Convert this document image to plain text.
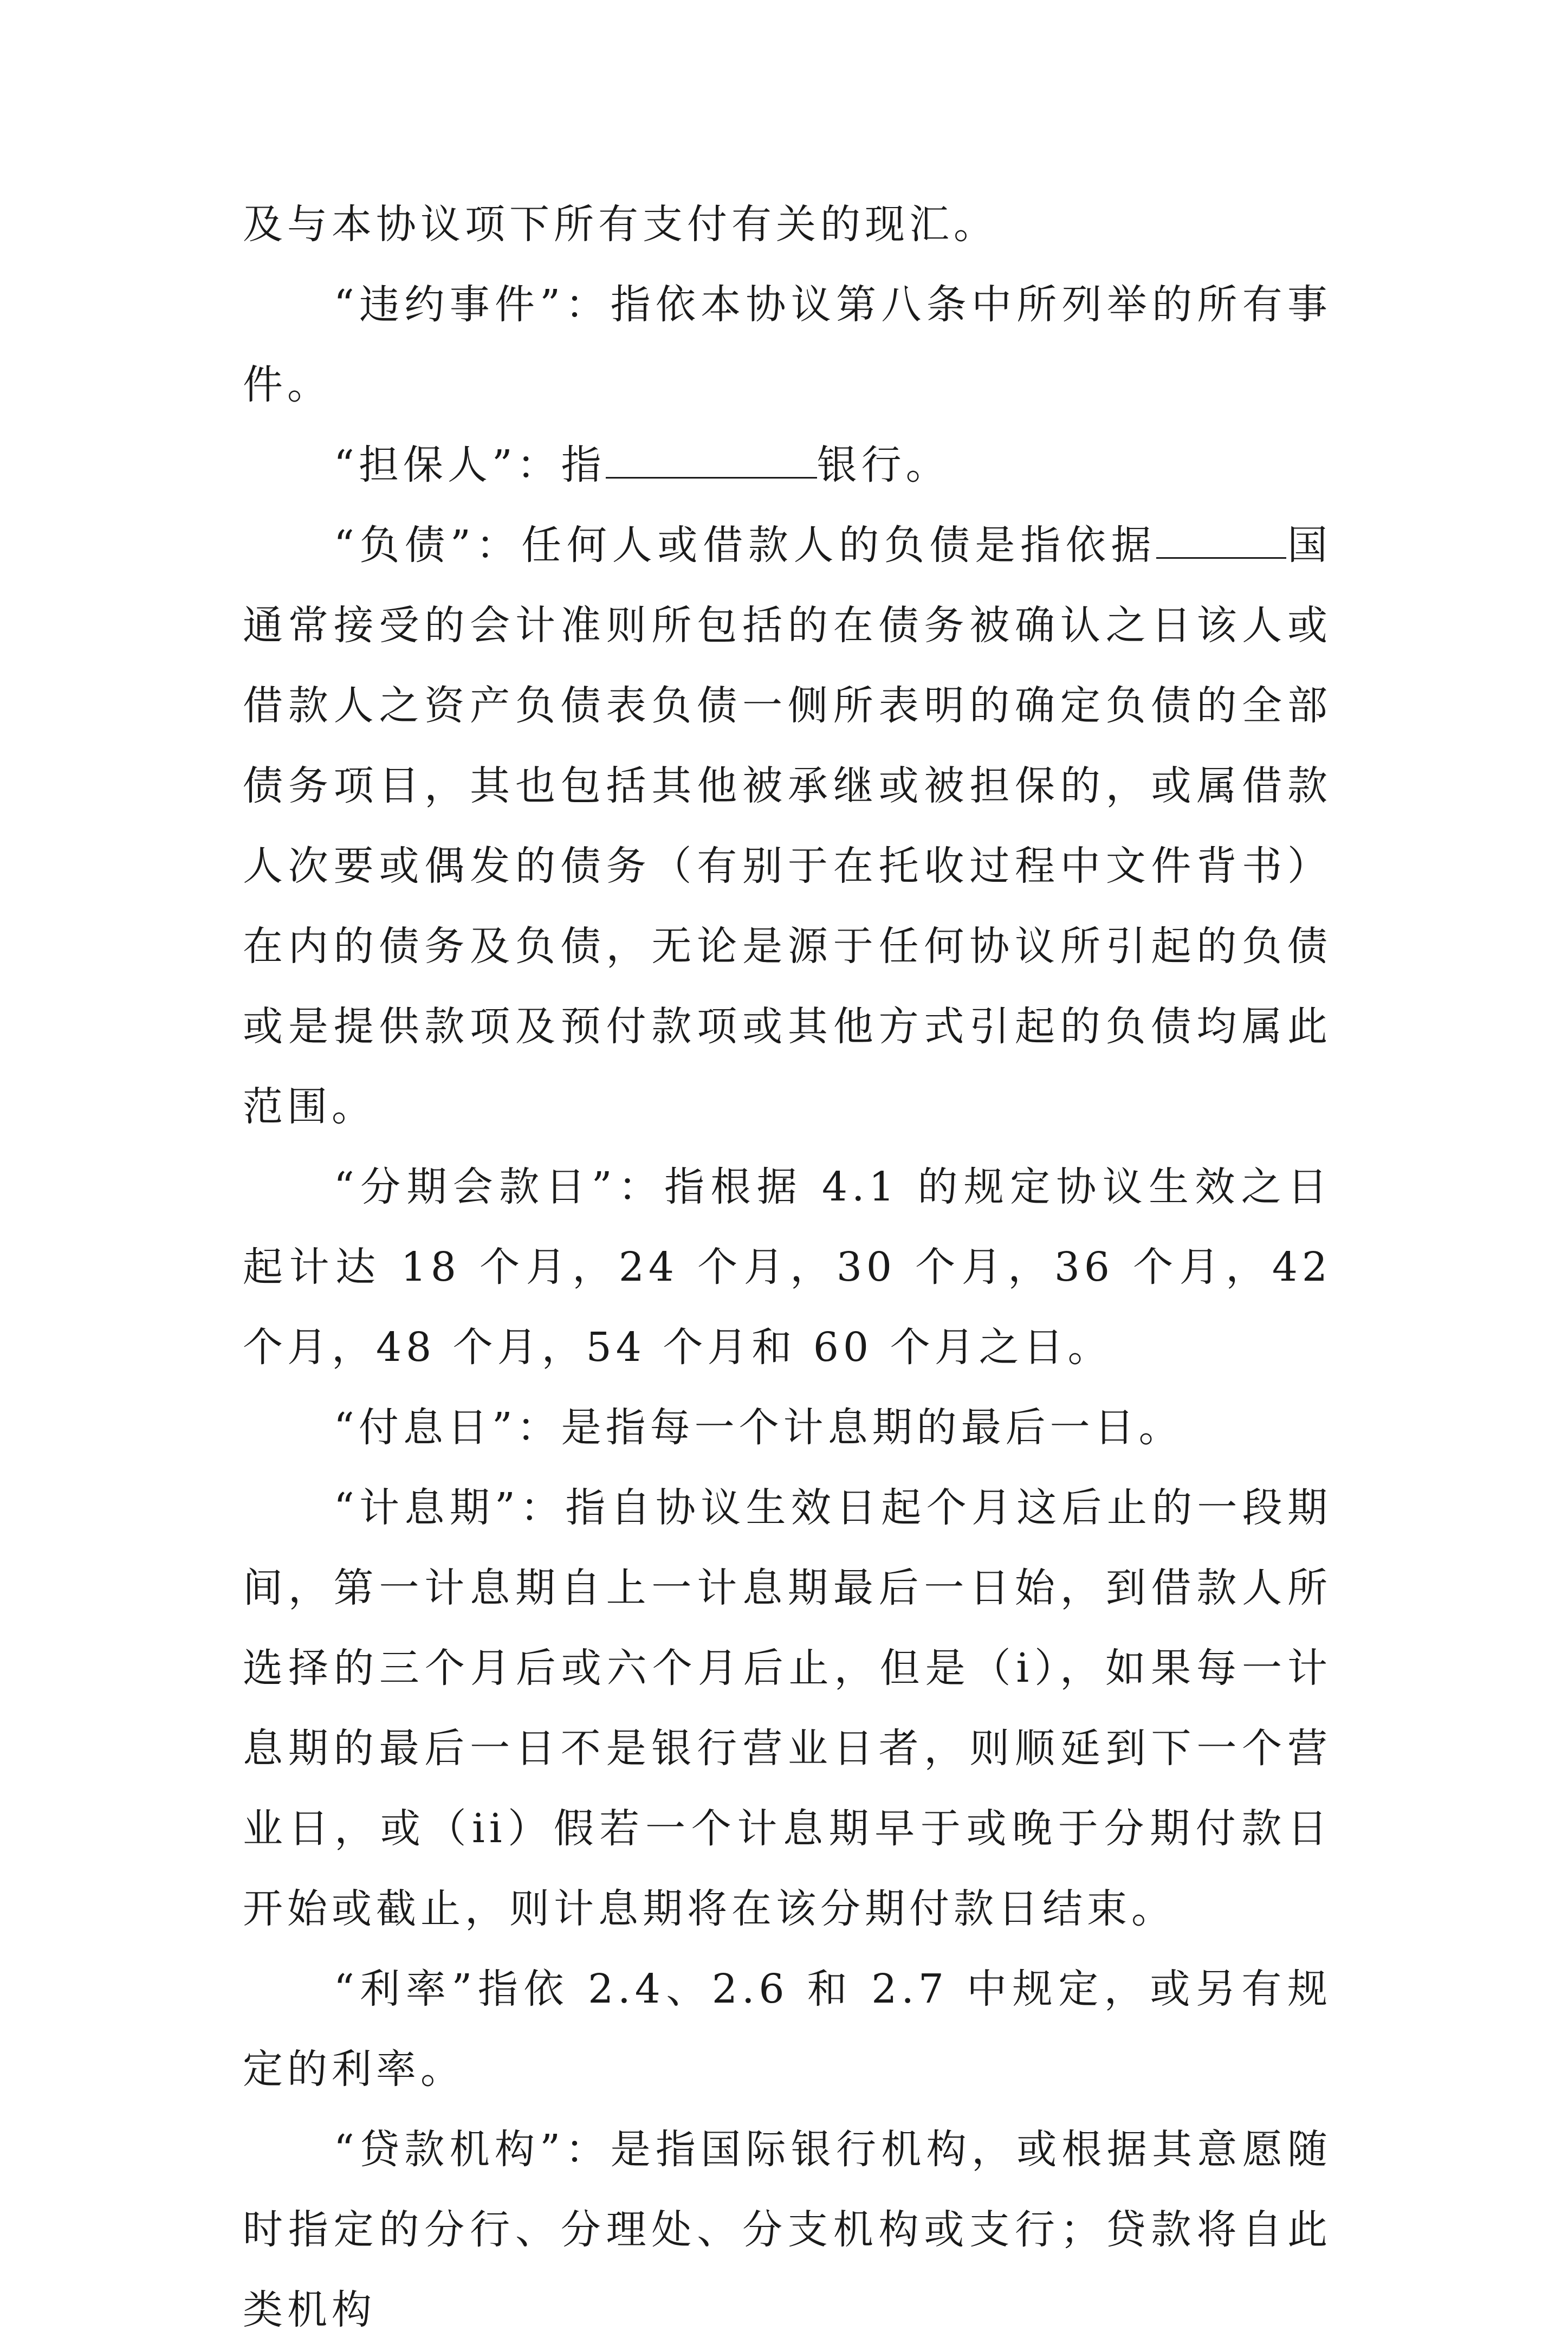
及与本协议项下所有支付有关的现汇。

“违约事件”：指依本协议第八条中所列举的所有事件。

“担保人”：指	银行。

“负债”：任何人或借款人的负债是指依据	国通常接受的会计准则所包括的在债务被确认之日该人或借款人之资产负债表负债一侧所表明的确定负债的全部债务项目，其也包括其他被承继或被担保的，或属借款人次要或偶发的债务（有别于在托收过程中文件背书）在内的债务及负债，无论是源于任何协议所引起的负债或是提供款项及预付款项或其他方式引起的负债均属此范围。

“分期会款日”：指根据 4.1 的规定协议生效之日起计达 18 个月，24 个月，30 个月，36 个月，42 个月，48 个月，54 个月和 60 个月之日。

“付息日”：是指每一个计息期的最后一日。

“计息期”：指自协议生效日起个月这后止的一段期间，第一计息期自上一计息期最后一日始，到借款人所选择的三个月后或六个月后止，但是（i），如果每一计息期的最后一日不是银行营业日者，则顺延到下一个营业日，或（ii）假若一个计息期早于或晚于分期付款日开始或截止，则计息期将在该分期付款日结束。

“利率”指依 2.4、2.6 和 2.7 中规定，或另有规定的利率。

“贷款机构”：是指国际银行机构，或根据其意愿随时指定的分行、分理处、分支机构或支行；贷款将自此类机构
